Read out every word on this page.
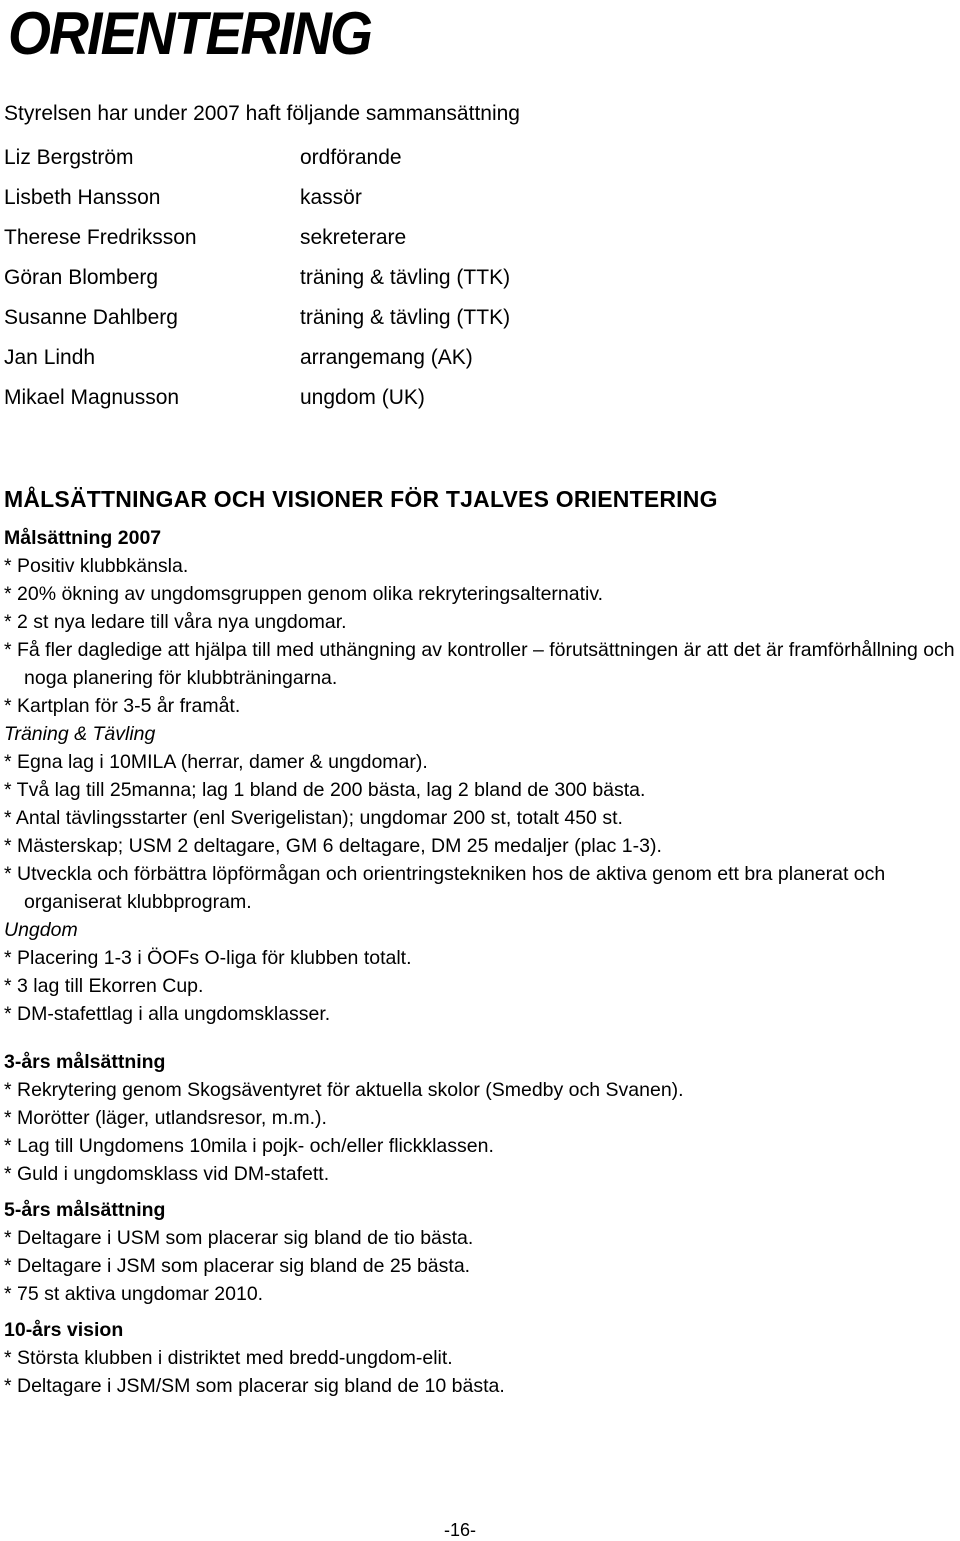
ORIENTERING
Styrelsen har under 2007 haft följande sammansättning
Liz Bergström	ordförande
Lisbeth Hansson	kassör
Therese Fredriksson	sekreterare
Göran Blomberg	träning & tävling (TTK)
Susanne Dahlberg	träning & tävling (TTK)
Jan Lindh	arrangemang (AK)
Mikael Magnusson	ungdom (UK)
MÅLSÄTTNINGAR OCH VISIONER FÖR TJALVES ORIENTERING
Målsättning 2007
* Positiv klubbkänsla.
* 20% ökning av ungdomsgruppen genom olika rekryteringsalternativ.
* 2 st nya ledare till våra nya ungdomar.
* Få fler dagledige att hjälpa till med uthängning av kontroller – förutsättningen är att det är framförhållning och noga planering för klubbträningarna.
* Kartplan för 3-5 år framåt.
Träning & Tävling
* Egna lag i 10MILA (herrar, damer & ungdomar).
* Två lag till 25manna; lag 1 bland de 200 bästa, lag 2 bland de 300 bästa.
* Antal tävlingsstarter (enl Sverigelistan); ungdomar 200 st, totalt 450 st.
* Mästerskap; USM 2 deltagare, GM 6 deltagare, DM 25 medaljer (plac 1-3).
* Utveckla och förbättra löpförmågan och orientringstekniken hos de aktiva genom ett bra planerat och organiserat klubbprogram.
Ungdom
* Placering 1-3 i ÖOFs O-liga för klubben totalt.
* 3 lag till Ekorren Cup.
* DM-stafettlag i alla ungdomsklasser.
3-års målsättning
* Rekrytering genom Skogsäventyret för aktuella skolor (Smedby och Svanen).
* Morötter (läger, utlandsresor, m.m.).
* Lag till Ungdomens 10mila i pojk- och/eller flickklassen.
* Guld i ungdomsklass vid DM-stafett.
5-års målsättning
* Deltagare i USM som placerar sig bland de tio bästa.
* Deltagare i JSM som placerar sig bland de 25 bästa.
* 75 st aktiva ungdomar 2010.
10-års vision
* Största klubben i distriktet med bredd-ungdom-elit.
* Deltagare i JSM/SM som placerar sig bland de 10 bästa.
-16-
